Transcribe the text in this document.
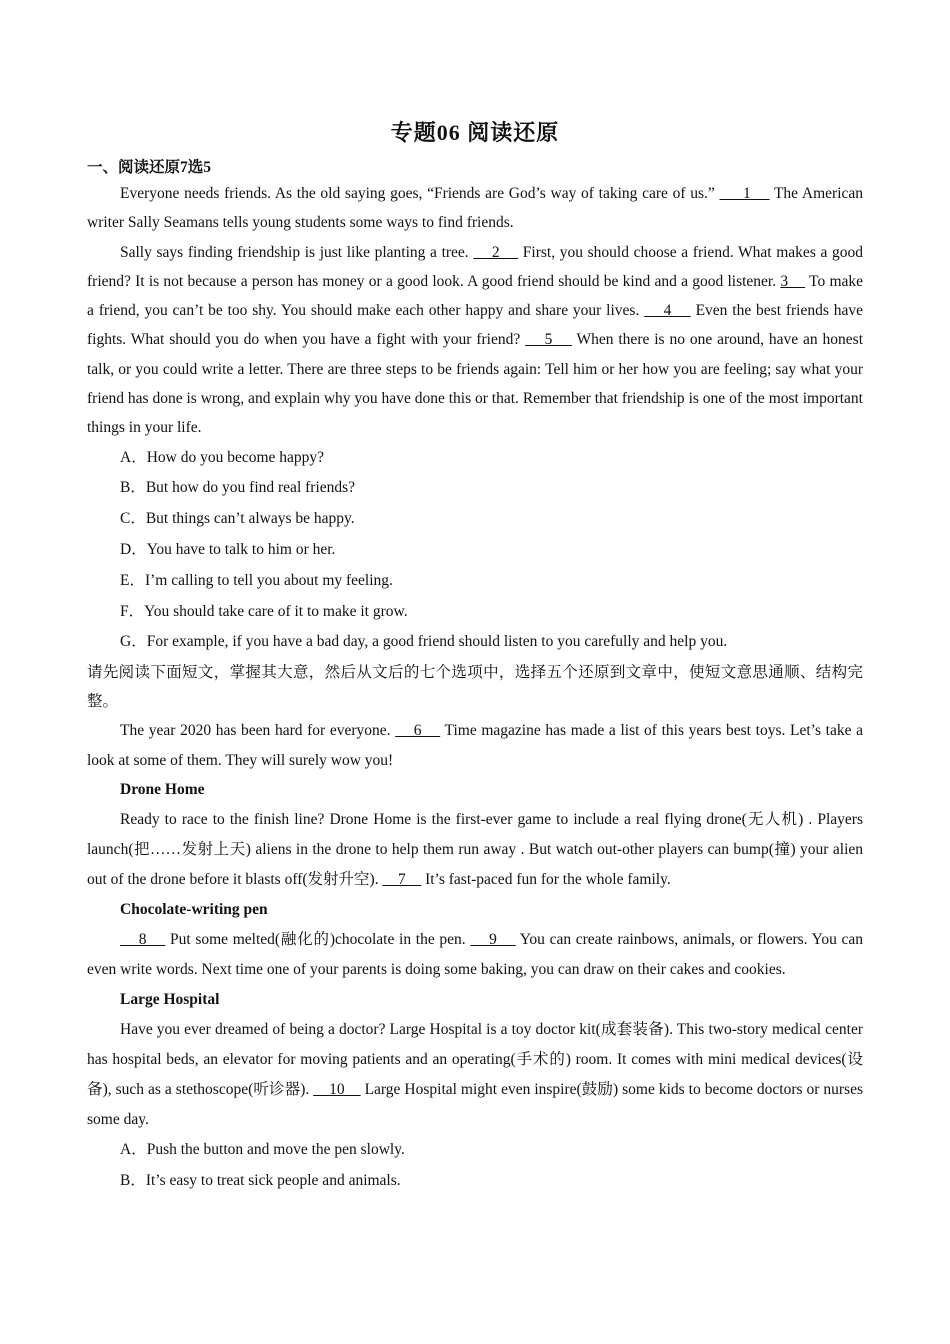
专题06 阅读还原
一、阅读还原7选5

Everyone needs friends. As the old saying goes, “Friends are God’s way of taking care of us.”      1     The American writer Sally Seamans tells young students some ways to find friends.

Sally says finding friendship is just like planting a tree.     2     First, you should choose a friend. What makes a good friend? It is not because a person has money or a good look. A good friend should be kind and a good listener. 3     To make a friend, you can’t be too shy. You should make each other happy and share your lives.     4     Even the best friends have fights. What should you do when you have a fight with your friend?     5     When there is no one around, have an honest talk, or you could write a letter. There are three steps to be friends again: Tell him or her how you are feeling; say what your friend has done is wrong, and explain why you have done this or that. Remember that friendship is one of the most important things in your life.

A．How do you become happy?

B．But how do you find real friends?

C．But things can’t always be happy.

D．You have to talk to him or her.

E．I’m calling to tell you about my feeling.

F．You should take care of it to make it grow.

G．For example, if you have a bad day, a good friend should listen to you carefully and help you.

请先阅读下面短文，掌握其大意，然后从文后的七个选项中，选择五个还原到文章中，使短文意思通顺、结构完整。

The year 2020 has been hard for everyone.     6     Time magazine has made a list of this years best toys. Let’s take a look at some of them. They will surely wow you!

Drone Home

Ready to race to the finish line? Drone Home is the first-ever game to include a real flying drone(无人机) . Players launch(把……发射上天) aliens in the drone to help them run away . But watch out-other players can bump(撞) your alien out of the drone before it blasts off(发射升空).     7     It’s fast-paced fun for the whole family.

Chocolate-writing pen

8     Put some melted(融化的)chocolate in the pen.     9     You can create rainbows, animals, or flowers. You can even write words. Next time one of your parents is doing some baking, you can draw on their cakes and cookies.

Large Hospital

Have you ever dreamed of being a doctor? Large Hospital is a toy doctor kit(成套装备). This two-story medical center has hospital beds, an elevator for moving patients and an operating(手术的) room. It comes with mini medical devices(设备), such as a stethoscope(听诊器).     10     Large Hospital might even inspire(鼓励) some kids to become doctors or nurses some day.

A．Push the button and move the pen slowly.

B．It’s easy to treat sick people and animals.
